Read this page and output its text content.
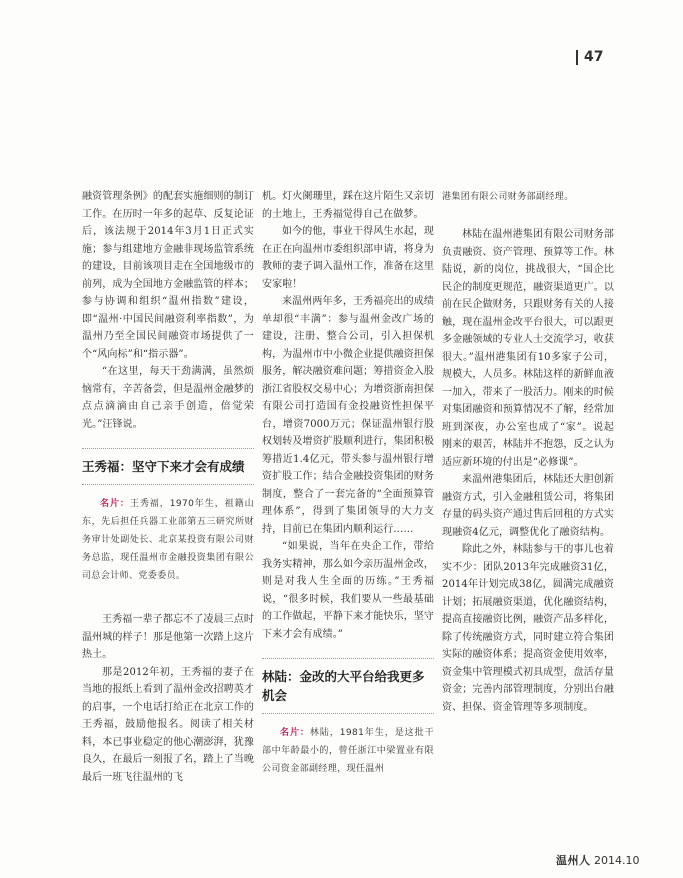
47

融资管理条例》的配套实施细则的制订工作。在历时一年多的起草、反复论证后，该法规于2014年3月1日正式实施；参与组建地方金融非现场监管系统的建设，目前该项目走在全国地级市的前列，成为全国地方金融监管的样本；参与协调和组织“温州指数”建设，即“温州·中国民间融资利率指数”，为温州乃至全国民间融资市场提供了一个“风向标”和“指示器”。

“在这里，每天干劲满满，虽然烦恼常有，辛苦备尝，但是温州金融梦的点点滴滴由自己亲手创造，倍觉荣光。”汪锋说。

王秀福：坚守下来才会有成绩
名片：王秀福，1970年生，祖籍山东，先后担任兵器工业部第五三研究所财务审计处副处长、北京某投资有限公司财务总监，现任温州市金融投资集团有限公司总会计师、党委委员。

王秀福一辈子都忘不了凌晨三点时温州城的样子！那是他第一次踏上这片热土。

那是2012年初，王秀福的妻子在当地的报纸上看到了温州金改招聘英才的启事，一个电话打给正在北京工作的王秀福，鼓励他报名。阅读了相关材料，本已事业稳定的他心潮澎湃，犹豫良久，在最后一刻报了名，踏上了当晚最后一班飞往温州的飞

机。灯火阑珊里，踩在这片陌生又亲切的土地上，王秀福觉得自己在做梦。

如今的他，事业干得风生水起，现在正在向温州市委组织部申请，将身为教师的妻子调入温州工作，准备在这里安家啦！

来温州两年多，王秀福亮出的成绩单却很“丰满”：参与温州金改广场的建设，注册、整合公司，引入担保机构，为温州市中小微企业提供融资担保服务，解决融资难问题；筹措资金入股浙江省股权交易中心；为增资浙南担保有限公司打造国有金投融资性担保平台，增资7000万元；保证温州银行股权划转及增资扩股顺利进行，集团积极筹措近1.4亿元，带头参与温州银行增资扩股工作；结合金融投资集团的财务制度，整合了一套完备的“全面预算管理体系”，得到了集团领导的大力支持，目前已在集团内顺利运行……

“如果说，当年在央企工作，带给我务实精神，那么如今亲历温州金改，则是对我人生全面的历练。”王秀福说，“很多时候，我们要从一些最基础的工作做起，平静下来才能快乐，坚守下来才会有成绩。”

林陆：金改的大平台给我更多机会
名片：林陆，1981年生，是这批干部中年龄最小的，曾任浙江中梁置业有限公司资金部副经理，现任温州
港集团有限公司财务部副经理。

林陆在温州港集团有限公司财务部负责融资、资产管理、预算等工作。林陆说，新的岗位，挑战很大，“国企比民企的制度更规范，融资渠道更广。以前在民企做财务，只跟财务有关的人接触，现在温州金改平台很大，可以跟更多金融领域的专业人士交流学习，收获很大。”温州港集团有10多家子公司，规模大，人员多。林陆这样的新鲜血液一加入，带来了一股活力。刚来的时候对集团融资和预算情况不了解，经常加班到深夜，办公室也成了“家”。说起刚来的艰苦，林陆并不抱怨，反之认为适应新环境的付出是“必修课”。

来温州港集团后，林陆还大胆创新融资方式，引入金融租赁公司，将集团存量的码头资产通过售后回租的方式实现融资4亿元，调整优化了融资结构。

除此之外，林陆参与干的事儿也着实不少：团队2013年完成融资31亿，2014年计划完成38亿，圆满完成融资计划；拓展融资渠道，优化融资结构，提高直接融资比例，融资产品多样化，除了传统融资方式，同时建立符合集团实际的融资体系；提高资金使用效率，资金集中管理模式初具成型，盘活存量资金；完善内部管理制度，分别出台融资、担保、资金管理等多项制度。

温州人 2014.10
